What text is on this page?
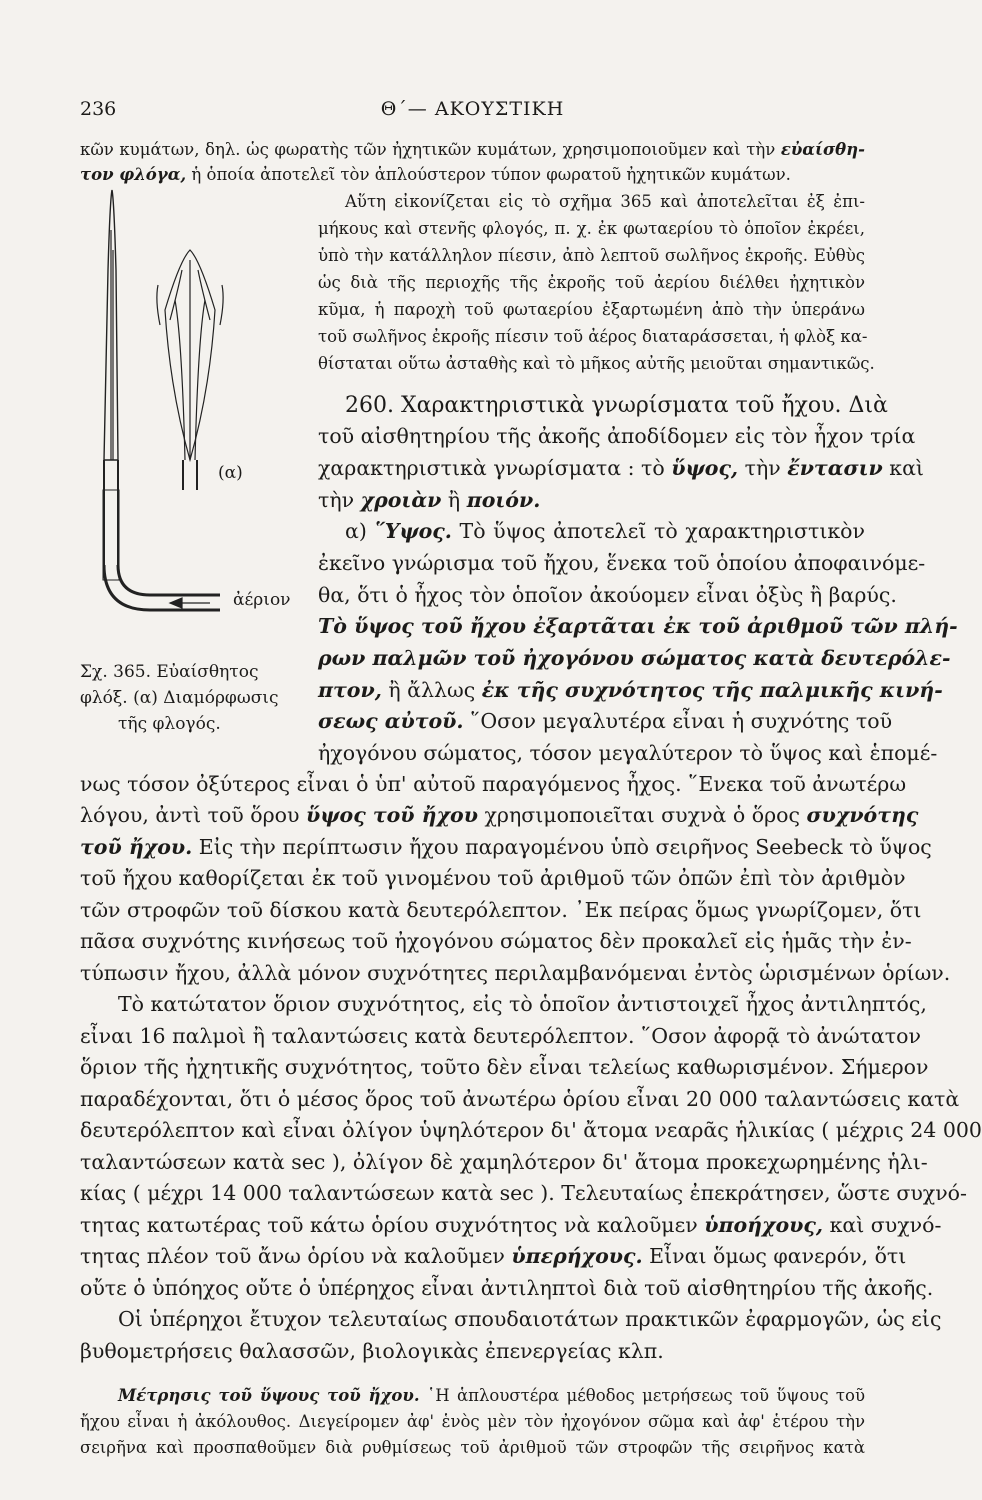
236	Θ΄— ΑΚΟΥΣΤΙΚΗ
κῶν κυμάτων, δηλ. ὡς φωρατὴς τῶν ἠχητικῶν κυμάτων, χρησιμοποιοῦμεν καὶ τὴν εὐαίσθη-
τον φλόγα, ἡ ὁποία ἀποτελεῖ τὸν ἁπλούστερον τύπον φωρατοῦ ἠχητικῶν κυμάτων.
Αὕτη εἰκονίζεται εἰς τὸ σχῆμα 365 καὶ ἀποτελεῖται ἐξ ἐπι-
μήκους καὶ στενῆς φλογός, π. χ. ἐκ φωταερίου τὸ ὁποῖον ἐκρέει,
ὑπὸ τὴν κατάλληλον πίεσιν, ἀπὸ λεπτοῦ σωλῆνος ἐκροῆς. Εὐθὺς
ὡς διὰ τῆς περιοχῆς τῆς ἐκροῆς τοῦ ἀερίου διέλθει ἠχητικὸν
κῦμα, ἡ παροχὴ τοῦ φωταερίου ἐξαρτωμένη ἀπὸ τὴν ὑπεράνω
τοῦ σωλῆνος ἐκροῆς πίεσιν τοῦ ἀέρος διαταράσσεται, ἡ φλὸξ κα-
θίσταται οὕτω ἀσταθὴς καὶ τὸ μῆκος αὐτῆς μειοῦται σημαντικῶς.
260. Χαρακτηριστικὰ γνωρίσματα τοῦ ἤχου. Διὰ
τοῦ αἰσθητηρίου τῆς ἀκοῆς ἀποδίδομεν εἰς τὸν ἦχον τρία
χαρακτηριστικὰ γνωρίσματα : τὸ ὕψος, τὴν ἔντασιν καὶ
τὴν χροιὰν ἢ ποιόν.
α) ῞Υψος. Τὸ ὕψος ἀποτελεῖ τὸ χαρακτηριστικὸν
ἐκεῖνο γνώρισμα τοῦ ἤχου, ἕνεκα τοῦ ὁποίου ἀποφαινόμε-
θα, ὅτι ὁ ἦχος τὸν ὁποῖον ἀκούομεν εἶναι ὀξὺς ἢ βαρύς.
Τὸ ὕψος τοῦ ἤχου ἐξαρτᾶται ἐκ τοῦ ἀριθμοῦ τῶν πλή-
ρων παλμῶν τοῦ ἠχογόνου σώματος κατὰ δευτερόλε-
πτον, ἢ ἄλλως ἐκ τῆς συχνότητος τῆς παλμικῆς κινή-
σεως αὐτοῦ. ῞Οσον μεγαλυτέρα εἶναι ἡ συχνότης τοῦ
ἠχογόνου σώματος, τόσον μεγαλύτερον τὸ ὕψος καὶ ἑπομέ-
(α)
ἀέριον
Σχ. 365. Εὐαίσθητος
φλόξ. (α) Διαμόρφωσις
τῆς φλογός.
νως τόσον ὀξύτερος εἶναι ὁ ὑπ' αὐτοῦ παραγόμενος ἦχος. ῞Ενεκα τοῦ ἀνωτέρω
λόγου, ἀντὶ τοῦ ὅρου ὕψος τοῦ ἤχου χρησιμοποιεῖται συχνὰ ὁ ὅρος συχνότης
τοῦ ἤχου. Εἰς τὴν περίπτωσιν ἤχου παραγομένου ὑπὸ σειρῆνος Seebeck τὸ ὕψος
τοῦ ἤχου καθορίζεται ἐκ τοῦ γινομένου τοῦ ἀριθμοῦ τῶν ὀπῶν ἐπὶ τὸν ἀριθμὸν
τῶν στροφῶν τοῦ δίσκου κατὰ δευτερόλεπτον. ᾿Εκ πείρας ὅμως γνωρίζομεν, ὅτι
πᾶσα συχνότης κινήσεως τοῦ ἠχογόνου σώματος δὲν προκαλεῖ εἰς ἡμᾶς τὴν ἐν-
τύπωσιν ἤχου, ἀλλὰ μόνον συχνότητες περιλαμβανόμεναι ἐντὸς ὡρισμένων ὁρίων.
Τὸ κατώτατον ὅριον συχνότητος, εἰς τὸ ὁποῖον ἀντιστοιχεῖ ἦχος ἀντιληπτός,
εἶναι 16 παλμοὶ ἢ ταλαντώσεις κατὰ δευτερόλεπτον. ῞Οσον ἀφορᾷ τὸ ἀνώτατον
ὅριον τῆς ἠχητικῆς συχνότητος, τοῦτο δὲν εἶναι τελείως καθωρισμένον. Σήμερον
παραδέχονται, ὅτι ὁ μέσος ὅρος τοῦ ἀνωτέρω ὁρίου εἶναι 20 000 ταλαντώσεις κατὰ
δευτερόλεπτον καὶ εἶναι ὀλίγον ὑψηλότερον δι' ἄτομα νεαρᾶς ἡλικίας ( μέχρις 24 000
ταλαντώσεων κατὰ sec ), ὀλίγον δὲ χαμηλότερον δι' ἄτομα προκεχωρημένης ἡλι-
κίας ( μέχρι 14 000 ταλαντώσεων κατὰ sec ). Τελευταίως ἐπεκράτησεν, ὥστε συχνό-
τητας κατωτέρας τοῦ κάτω ὁρίου συχνότητος νὰ καλοῦμεν ὑποήχους, καὶ συχνό-
τητας πλέον τοῦ ἄνω ὁρίου νὰ καλοῦμεν ὑπερήχους. Εἶναι ὅμως φανερόν, ὅτι
οὔτε ὁ ὑπόηχος οὔτε ὁ ὑπέρηχος εἶναι ἀντιληπτοὶ διὰ τοῦ αἰσθητηρίου τῆς ἀκοῆς.
Οἱ ὑπέρηχοι ἔτυχον τελευταίως σπουδαιοτάτων πρακτικῶν ἐφαρμογῶν, ὡς εἰς
βυθομετρήσεις θαλασσῶν, βιολογικὰς ἐπενεργείας κλπ.
Μέτρησις τοῦ ὕψους τοῦ ἤχου. ῾Η ἁπλουστέρα μέθοδος μετρήσεως τοῦ ὕψους τοῦ
ἤχου εἶναι ἡ ἀκόλουθος. Διεγείρομεν ἀφ' ἑνὸς μὲν τὸν ἠχογόνον σῶμα καὶ ἀφ' ἑτέρου τὴν
σειρῆνα καὶ προσπαθοῦμεν διὰ ρυθμίσεως τοῦ ἀριθμοῦ τῶν στροφῶν τῆς σειρῆνος κατὰ
